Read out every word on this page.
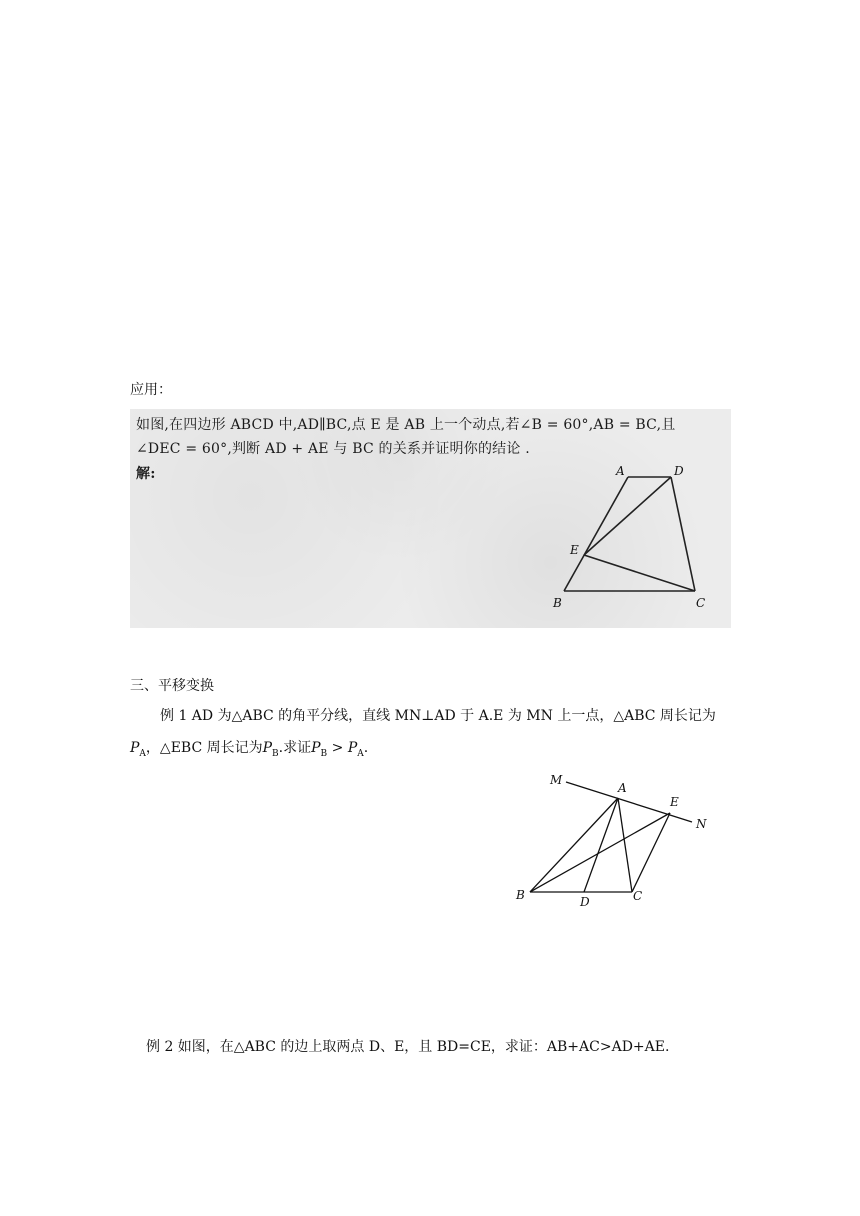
应用：
如图,在四边形 ABCD 中,AD∥BC,点 E 是 AB 上一个动点,若∠B = 60°,AB = BC,且
∠DEC = 60°,判断 AD + AE 与 BC 的关系并证明你的结论 .
解:	A	D
E
B	C
三、平移变换
例 1 AD 为△ABC 的角平分线，直线 MN⊥AD 于 A.E 为 MN 上一点，△ABC 周长记为
$P_A$，△EBC 周长记为$P_B$.求证$P_B > P_A$.
M
A
E
N
B	D	C
例 2 如图，在△ABC 的边上取两点 D、E，且 BD=CE，求证：AB+AC>AD+AE.
